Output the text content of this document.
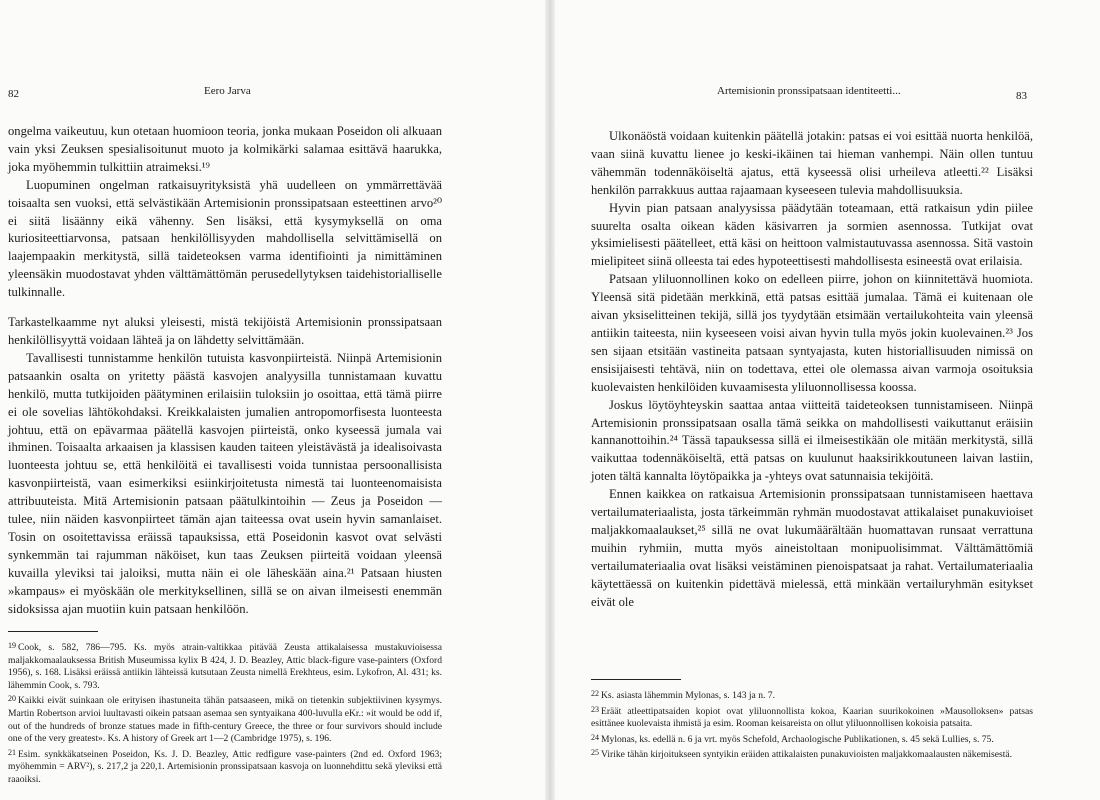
82	Eero Jarva

ongelma vaikeutuu, kun otetaan huomioon teoria, jonka mukaan Poseidon oli alkuaan vain yksi Zeuksen spesialisoitunut muoto ja kolmikärki salamaa esittävä haarukka, joka myöhemmin tulkittiin atraimeksi.¹⁹

Luopuminen ongelman ratkaisuyrityksistä yhä uudelleen on ymmärrettävää toisaalta sen vuoksi, että selvästikään Artemisionin pronssipatsaan esteettinen arvo²⁰ ei siitä lisäänny eikä vähenny. Sen lisäksi, että kysymyksellä on oma kuriositeettiarvonsa, patsaan henkilöllisyyden mahdollisella selvittämisellä on laajempaakin merkitystä, sillä taideteoksen varma identifiointi ja nimittäminen yleensäkin muodostavat yhden välttämättömän perusedellytyksen taidehistorialliselle tulkinnalle.

Tarkastelkaamme nyt aluksi yleisesti, mistä tekijöistä Artemisionin pronssipatsaan henkilöllisyyttä voidaan lähteä ja on lähdetty selvittämään.

Tavallisesti tunnistamme henkilön tutuista kasvonpiirteistä. Niinpä Artemisionin patsaankin osalta on yritetty päästä kasvojen analyysilla tunnistamaan kuvattu henkilö, mutta tutkijoiden päätyminen erilaisiin tuloksiin jo osoittaa, että tämä piirre ei ole sovelias lähtökohdaksi. Kreikkalaisten jumalien antropomorfisesta luonteesta johtuu, että on epävarmaa päätellä kasvojen piirteistä, onko kyseessä jumala vai ihminen. Toisaalta arkaaisen ja klassisen kauden taiteen yleistävästä ja idealisoivasta luonteesta johtuu se, että henkilöitä ei tavallisesti voida tunnistaa persoonallisista kasvonpiirteistä, vaan esimerkiksi esiinkirjoitetusta nimestä tai luonteenomaisista attribuuteista. Mitä Artemisionin patsaan päätulkintoihin — Zeus ja Poseidon — tulee, niin näiden kasvonpiirteet tämän ajan taiteessa ovat usein hyvin samanlaiset. Tosin on osoitettavissa eräissä tapauksissa, että Poseidonin kasvot ovat selvästi synkemmän tai rajumman näköiset, kun taas Zeuksen piirteitä voidaan yleensä kuvailla yleviksi tai jaloiksi, mutta näin ei ole läheskään aina.²¹ Patsaan hiusten »kampaus» ei myöskään ole merkityksellinen, sillä se on aivan ilmeisesti enemmän sidoksissa ajan muotiin kuin patsaan henkilöön.

$^{19}$ Cook, s. 582, 786—795. Ks. myös atrain-valtikkaa pitävää Zeusta attikalaisessa mustakuvioisessa maljakkomaalauksessa British Museumissa kylix B 424, J. D. Beazley, Attic black-figure vase-painters (Oxford 1956), s. 168. Lisäksi eräissä antiikin lähteissä kutsutaan Zeusta nimellä Erekhteus, esim. Lykofron, Al. 431; ks. lähemmin Cook, s. 793.

$^{20}$ Kaikki eivät suinkaan ole erityisen ihastuneita tähän patsaaseen, mikä on tietenkin subjektiivinen kysymys. Martin Robertson arvioi luultavasti oikein patsaan asemaa sen syntyaikana 400-luvulla eKr.: »it would be odd if, out of the hundreds of bronze statues made in fifth-century Greece, the three or four survivors should include one of the very greatest». Ks. A history of Greek art 1—2 (Cambridge 1975), s. 196.

$^{21}$ Esim. synkkäkatseinen Poseidon, Ks. J. D. Beazley, Attic redfigure vase-painters (2nd ed. Oxford 1963; myöhemmin = ARV²), s. 217,2 ja 220,1. Artemisionin pronssipatsaan kasvoja on luonnehdittu sekä yleviksi että raaoiksi.

Artemisionin pronssipatsaan identiteetti...	83

Ulkonäöstä voidaan kuitenkin päätellä jotakin: patsas ei voi esittää nuorta henkilöä, vaan siinä kuvattu lienee jo keski-ikäinen tai hieman vanhempi. Näin ollen tuntuu vähemmän todennäköiseltä ajatus, että kyseessä olisi urheileva atleetti.²² Lisäksi henkilön parrakkuus auttaa rajaamaan kyseeseen tulevia mahdollisuuksia.

Hyvin pian patsaan analyysissa päädytään toteamaan, että ratkaisun ydin piilee suurelta osalta oikean käden käsivarren ja sormien asennossa. Tutkijat ovat yksimielisesti päätelleet, että käsi on heittoon valmistautuvassa asennossa. Sitä vastoin mielipiteet siinä olleesta tai edes hypoteettisesti mahdollisesta esineestä ovat erilaisia.

Patsaan yliluonnollinen koko on edelleen piirre, johon on kiinnitettävä huomiota. Yleensä sitä pidetään merkkinä, että patsas esittää jumalaa. Tämä ei kuitenaan ole aivan yksiselitteinen tekijä, sillä jos tyydytään etsimään vertailukohteita vain yleensä antiikin taiteesta, niin kyseeseen voisi aivan hyvin tulla myös jokin kuolevainen.²³ Jos sen sijaan etsitään vastineita patsaan syntyajasta, kuten historiallisuuden nimissä on ensisijaisesti tehtävä, niin on todettava, ettei ole olemassa aivan varmoja osoituksia kuolevaisten henkilöiden kuvaamisesta yliluonnollisessa koossa.

Joskus löytöyhteyskin saattaa antaa viitteitä taideteoksen tunnistamiseen. Niinpä Artemisionin pronssipatsaan osalla tämä seikka on mahdollisesti vaikuttanut eräisiin kannanottoihin.²⁴ Tässä tapauksessa sillä ei ilmeisestikään ole mitään merkitystä, sillä vaikuttaa todennäköiseltä, että patsas on kuulunut haaksirikkoutuneen laivan lastiin, joten tältä kannalta löytöpaikka ja -yhteys ovat satunnaisia tekijöitä.

Ennen kaikkea on ratkaisua Artemisionin pronssipatsaan tunnistamiseen haettava vertailumateriaalista, josta tärkeimmän ryhmän muodostavat attikalaiset punakuvioiset maljakkomaalaukset,²⁵ sillä ne ovat lukumäärältään huomattavan runsaat verrattuna muihin ryhmiin, mutta myös aineistoltaan monipuolisimmat. Välttämättömiä vertailumateriaalia ovat lisäksi veistäminen pienoispatsaat ja rahat. Vertailumateriaalia käytettäessä on kuitenkin pidettävä mielessä, että minkään vertailuryhmän esitykset eivät ole

$^{22}$ Ks. asiasta lähemmin Mylonas, s. 143 ja n. 7.

$^{23}$ Eräät atleettipatsaiden kopiot ovat yliluonnollista kokoa, Kaarian suurikokoinen »Mausolloksen» patsas esittänee kuolevaista ihmistä ja esim. Rooman keisareista on ollut yliluonnollisen kokoisia patsaita.

$^{24}$ Mylonas, ks. edellä n. 6 ja vrt. myös Schefold, Archaologische Publikationen, s. 45 sekä Lullies, s. 75.

$^{25}$ Virike tähän kirjoitukseen syntyikin eräiden attikalaisten punakuvioisten maljakkomaalausten näkemisestä.
